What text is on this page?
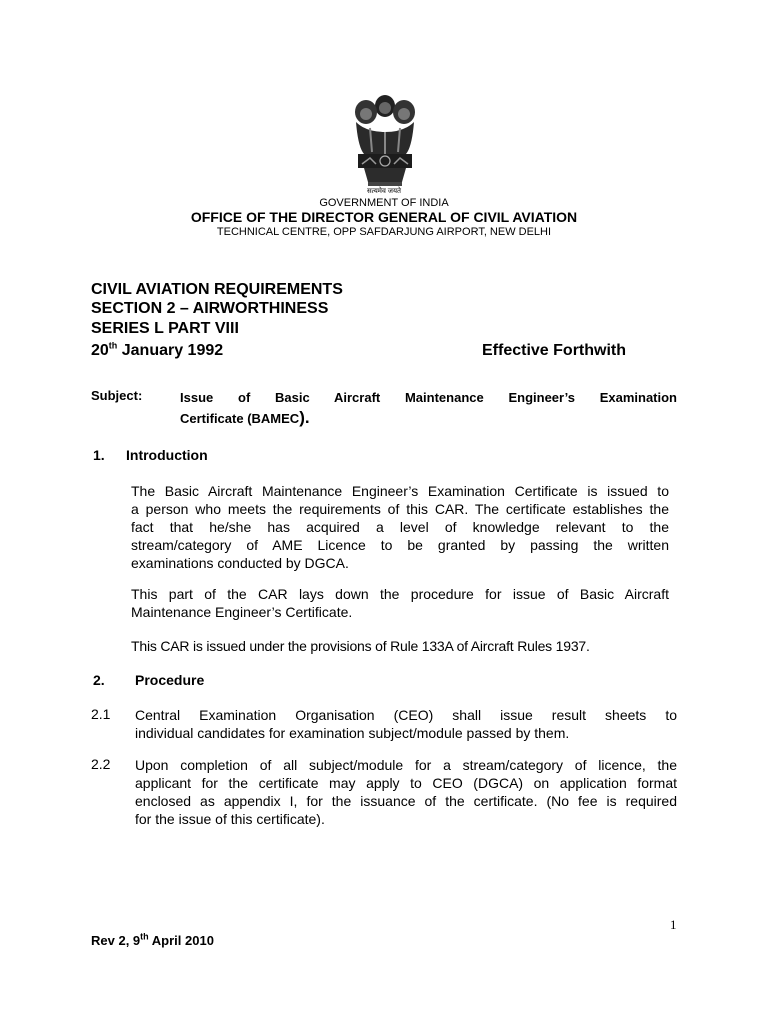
सत्यमेव जयते
GOVERNMENT OF INDIA
OFFICE OF THE DIRECTOR GENERAL OF CIVIL AVIATION
TECHNICAL CENTRE, OPP SAFDARJUNG AIRPORT, NEW DELHI
CIVIL AVIATION REQUIREMENTS
SECTION 2 – AIRWORTHINESS
SERIES L PART VIII
20th January 1992	Effective Forthwith
Subject:	Issue of Basic Aircraft Maintenance Engineer’s Examination
Certificate (BAMEC).
1. Introduction
The Basic Aircraft Maintenance Engineer’s Examination Certificate is issued to
a person who meets the requirements of this CAR. The certificate establishes the
fact that he/she has acquired a level of knowledge relevant to the
stream/category of AME Licence to be granted by passing the written
examinations conducted by DGCA.
This part of the CAR lays down the procedure for issue of Basic Aircraft
Maintenance Engineer’s Certificate.
This CAR is issued under the provisions of Rule 133A of Aircraft Rules 1937.
2. Procedure
2.1 Central Examination Organisation (CEO) shall issue result sheets to
individual candidates for examination subject/module passed by them.
2.2 Upon completion of all subject/module for a stream/category of licence, the
applicant for the certificate may apply to CEO (DGCA) on application format
enclosed as appendix I, for the issuance of the certificate. (No fee is required
for the issue of this certificate).
1
Rev 2, 9th April 2010
